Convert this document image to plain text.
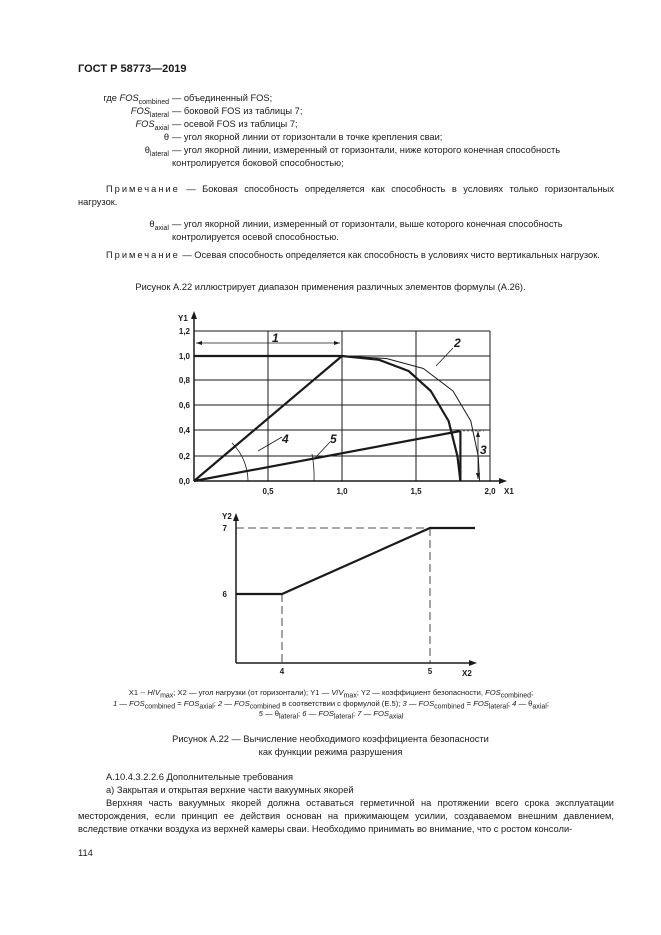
ГОСТ Р 58773—2019
где $FOS_{combined}$ — объединенный FOS;
$FOS_{lateral}$ — боковой FOS из таблицы 7;
$FOS_{axial}$ — осевой FOS из таблицы 7;
θ — угол якорной линии от горизонтали в точке крепления сваи;
$\theta_{lateral}$ — угол якорной линии, измеренный от горизонтали, ниже которого конечная способность контролируется боковой способностью;
Примечание — Боковая способность определяется как способность в условиях только горизонтальных нагрузок.
$\theta_{axial}$ — угол якорной линии, измеренный от горизонтали, выше которого конечная способность контролируется осевой способностью.
Примечание — Осевая способность определяется как способность в условиях чисто вертикальных нагрузок.
Рисунок А.22 иллюстрирует диапазон применения различных элементов формулы (А.26).
0,0
0,2
0,4
0,6
0,8
1,0
1,2
0,5	1,0	1,5	2,0
Y1
X1
1	2
3
4	5
Y2
X2
6
7
4	5
$X1 -- H/V_{max}$; X2 — угол нагрузки (от горизонтали); Y1 — $V/V_{max}$; Y2 — коэффициент безопасности, $FOS_{combined}$;
1 — $FOS_{combined} = FOS_{axial}$; 2 — $FOS_{combined}$ в соответствии с формулой (Е.5); 3 — $FOS_{combined} = FOS_{lateral}$; 4 — $\theta_{axial}$;
5 — $\theta_{lateral}$; 6 — $FOS_{lateral}$; 7 — $FOS_{axial}$
Рисунок А.22 — Вычисление необходимого коэффициента безопасности
как функции режима разрушения

А.10.4.3.2.2.6 Дополнительные требования

а) Закрытая и открытая верхние части вакуумных якорей

Верхняя часть вакуумных якорей должна оставаться герметичной на протяжении всего срока эксплуатации месторождения, если принцип ее действия основан на прижимающем усилии, создаваемом внешним давлением, вследствие откачки воздуха из верхней камеры сваи. Необходимо принимать во внимание, что с ростом консоли-

114
